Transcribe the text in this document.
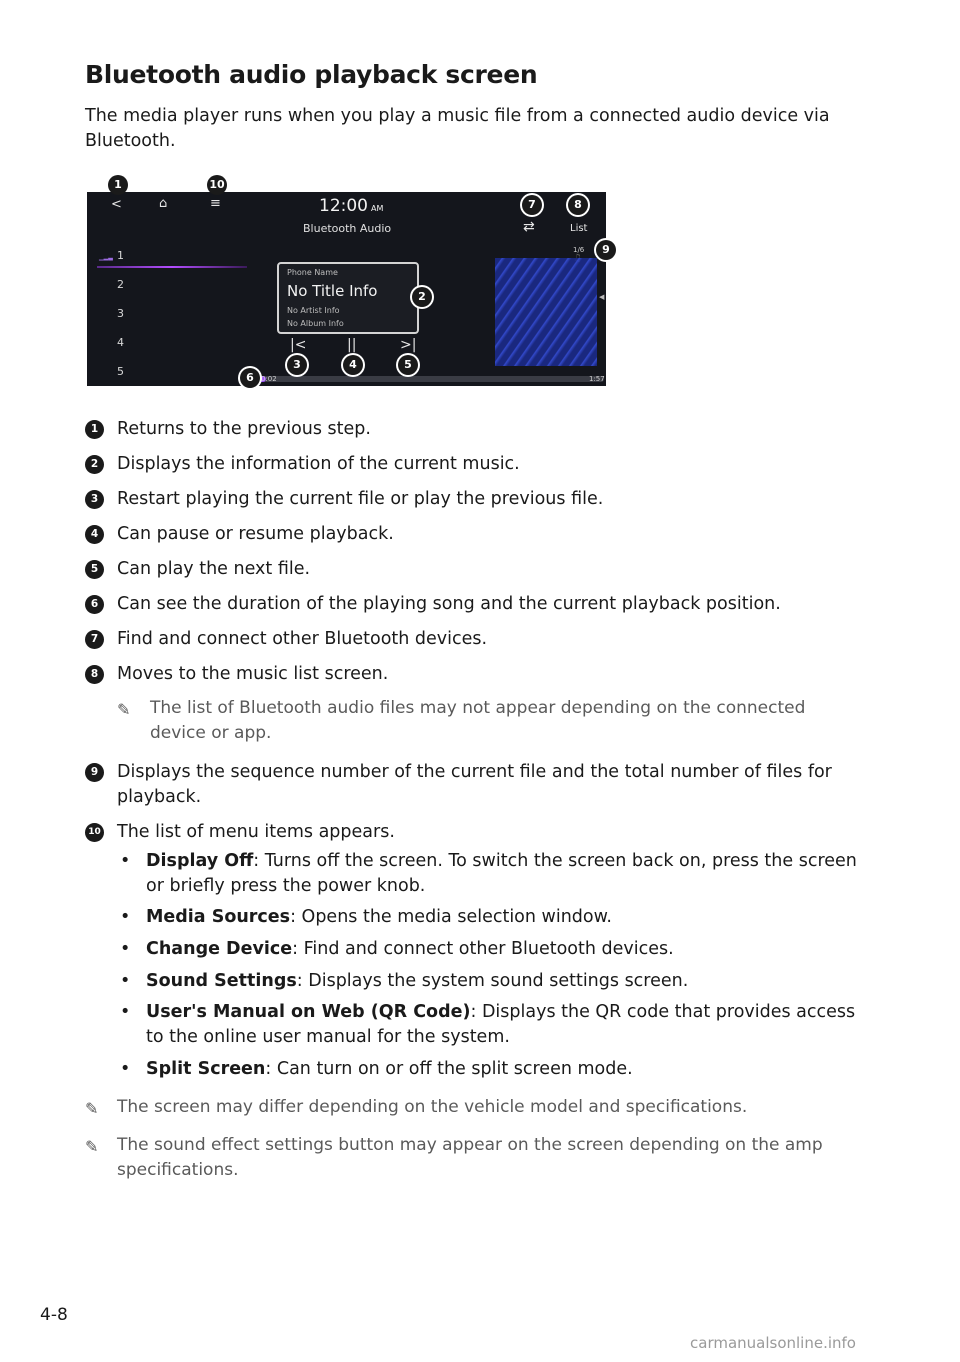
Bluetooth audio playback screen
The media player runs when you play a music file from a connected audio device via Bluetooth.
<	⌂	≡	12:00 AM
Bluetooth Audio	⇄	List
1/6
▁▂▃ 1
2
3
4
5
◀
Phone Name
No Title Info
No Artist Info
No Album Info
|<	||	>|
0:02	1:57
1	10
7	8
9
2
3	4	5
6
1	Returns to the previous step.
2	Displays the information of the current music.
3	Restart playing the current file or play the previous file.
4	Can pause or resume playback.
5	Can play the next file.
6	Can see the duration of the playing song and the current playback position.
7	Find and connect other Bluetooth devices.
8	Moves to the music list screen.
✎ The list of Bluetooth audio files may not appear depending on the connected device or app.
9	Displays the sequence number of the current file and the total number of files for playback.
10 The list of menu items appears.
• Display Off: Turns off the screen. To switch the screen back on, press the screen or briefly press the power knob.
• Media Sources: Opens the media selection window.
• Change Device: Find and connect other Bluetooth devices.
• Sound Settings: Displays the system sound settings screen.
• User's Manual on Web (QR Code): Displays the QR code that provides access to the online user manual for the system.
• Split Screen: Can turn on or off the split screen mode.
✎ The screen may differ depending on the vehicle model and specifications.
✎ The sound effect settings button may appear on the screen depending on the amp specifications.
4-8
carmanualsonline.info
